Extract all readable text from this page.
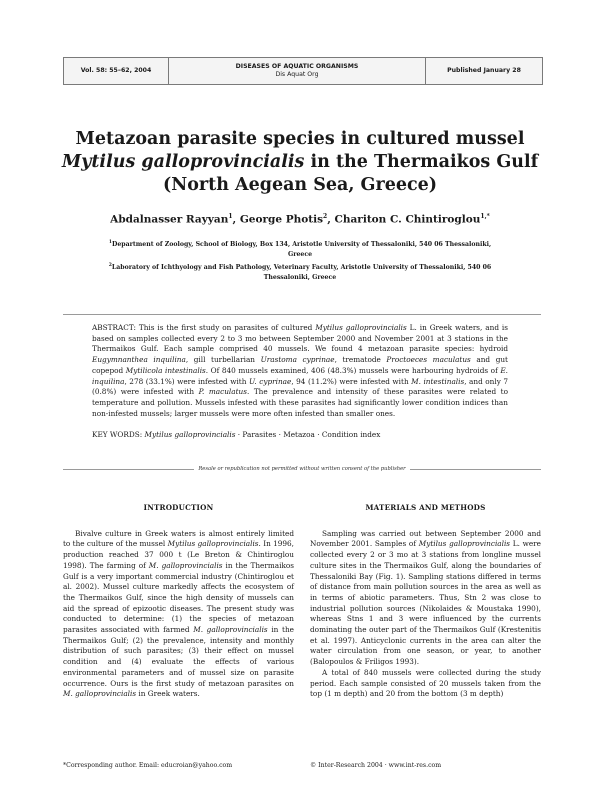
Vol. 58: 55–62, 2004
DISEASES OF AQUATIC ORGANISMS
Dis Aquat Org
Published January 28
Metazoan parasite species in cultured mussel
Mytilus galloprovincialis in the Thermaikos Gulf
(North Aegean Sea, Greece)
Abdalnasser Rayyan$^1$, George Photis$^2$, Chariton C. Chintiroglou$^{1,*}$
$^1$Department of Zoology, School of Biology, Box 134, Aristotle University of Thessaloniki, 540 06 Thessaloniki, Greece
$^2$Laboratory of Ichthyology and Fish Pathology, Veterinary Faculty, Aristotle University of Thessaloniki, 540 06 Thessaloniki, Greece

ABSTRACT: This is the first study on parasites of cultured Mytilus galloprovincialis L. in Greek waters, and is based on samples collected every 2 to 3 mo between September 2000 and November 2001 at 3 stations in the Thermaikos Gulf. Each sample comprised 40 mussels. We found 4 metazoan parasite species: hydroid Eugymnanthea inquilina, gill turbellarian Urastoma cyprinae, trematode Proctoeces maculatus and gut copepod Mytilicola intestinalis. Of 840 mussels examined, 406 (48.3%) mussels were harbouring hydroids of E. inquilina, 278 (33.1%) were infested with U. cyprinae, 94 (11.2%) were infested with M. intestinalis, and only 7 (0.8%) were infested with P. maculatus. The prevalence and intensity of these parasites were related to temperature and pollution. Mussels infested with these parasites had significantly lower condition indices than non-infested mussels; larger mussels were more often infested than smaller ones.

KEY WORDS: Mytilus galloprovincialis · Parasites · Metazoa · Condition index

Resale or republication not permitted without written consent of the publisher
INTRODUCTION

Bivalve culture in Greek waters is almost entirely limited to the culture of the mussel Mytilus galloprovincialis. In 1996, production reached 37 000 t (Le Breton & Chintiroglou 1998). The farming of M. galloprovincialis in the Thermaikos Gulf is a very important commercial industry (Chintiroglou et al. 2002). Mussel culture markedly affects the ecosystem of the Thermaikos Gulf, since the high density of mussels can aid the spread of epizootic diseases. The present study was conducted to determine: (1) the species of metazoan parasites associated with farmed M. galloprovincialis in the Thermaikos Gulf; (2) the prevalence, intensity and monthly distribution of such parasites; (3) their effect on mussel condition and (4) evaluate the effects of various environmental parameters and of mussel size on parasite occurrence. Ours is the first study of metazoan parasites on M. galloprovincialis in Greek waters.

MATERIALS AND METHODS

Sampling was carried out between September 2000 and November 2001. Samples of Mytilus galloprovincialis L. were collected every 2 or 3 mo at 3 stations from longline mussel culture sites in the Thermaikos Gulf, along the boundaries of Thessaloniki Bay (Fig. 1). Sampling stations differed in terms of distance from main pollution sources in the area as well as in terms of abiotic parameters. Thus, Stn 2 was close to industrial pollution sources (Nikolaides & Moustaka 1990), whereas Stns 1 and 3 were influenced by the currents dominating the outer part of the Thermaikos Gulf (Krestenitis et al. 1997). Anticyclonic currents in the area can alter the water circulation from one season, or year, to another (Balopoulos & Friligos 1993).

A total of 840 mussels were collected during the study period. Each sample consisted of 20 mussels taken from the top (1 m depth) and 20 from the bottom (3 m depth)

*Corresponding author. Email: educroian@yahoo.com	© Inter-Research 2004 · www.int-res.com
